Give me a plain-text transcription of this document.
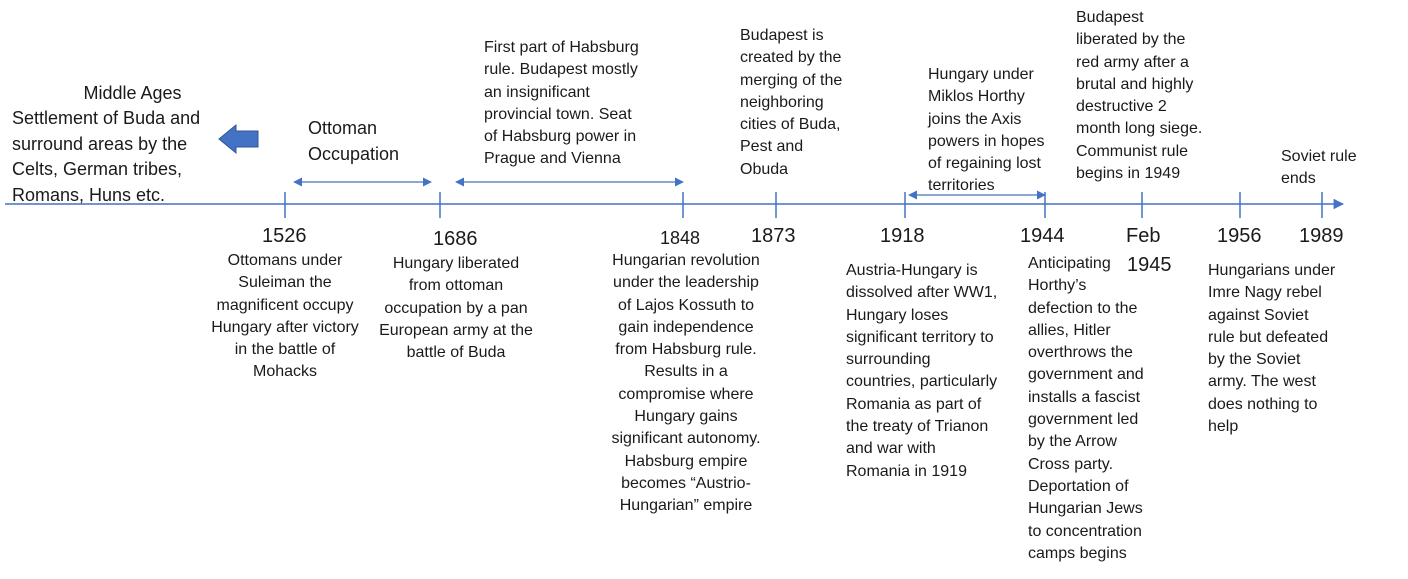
Middle Ages
Settlement of Buda and
surround areas by the
Celts, German tribes,
Romans, Huns etc.
Ottoman
Occupation
First part of Habsburg
rule. Budapest mostly
an insignificant
provincial town. Seat
of Habsburg power in
Prague and Vienna
Budapest is
created by the
merging of the
neighboring
cities of Buda,
Pest and
Obuda
Hungary under
Miklos Horthy
joins the Axis
powers in hopes
of regaining lost
territories
Budapest
liberated by the
red army after a
brutal and highly
destructive 2
month long siege.
Communist rule
begins in 1949
Soviet rule
ends
1526	1686	1848	1873	1918	1944	Feb
1945
1956 1989
Ottomans under
Suleiman the
magnificent occupy
Hungary after victory
in the battle of
Mohacks
Hungary liberated
from ottoman
occupation by a pan
European army at the
battle of Buda
Hungarian revolution
under the leadership
of Lajos Kossuth to
gain independence
from Habsburg rule.
Results in a
compromise where
Hungary gains
significant autonomy.
Habsburg empire
becomes “Austrio-
Hungarian” empire
Austria-Hungary is
dissolved after WW1,
Hungary loses
significant territory to
surrounding
countries, particularly
Romania as part of
the treaty of Trianon
and war with
Romania in 1919
Anticipating
Horthy’s
defection to the
allies, Hitler
overthrows the
government and
installs a fascist
government led
by the Arrow
Cross party.
Deportation of
Hungarian Jews
to concentration
camps begins
Hungarians under
Imre Nagy rebel
against Soviet
rule but defeated
by the Soviet
army. The west
does nothing to
help
